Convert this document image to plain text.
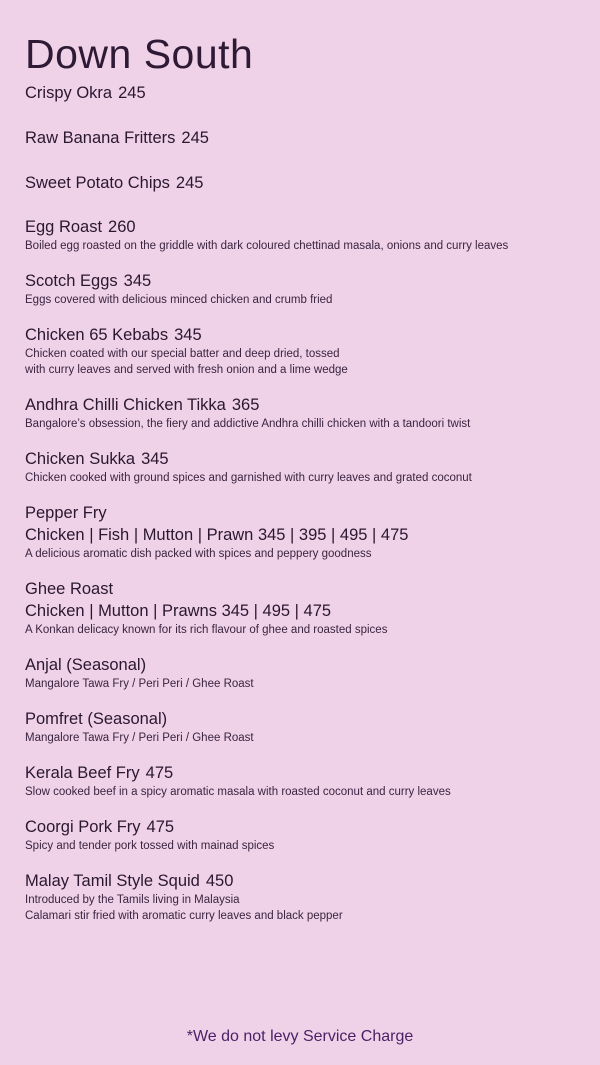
Down South
Crispy Okra 245
Raw Banana Fritters 245
Sweet Potato Chips 245
Egg Roast 260
Boiled egg roasted on the griddle with dark coloured chettinad masala, onions and curry leaves
Scotch Eggs 345
Eggs covered with delicious minced chicken and crumb fried
Chicken 65 Kebabs 345
Chicken coated with our special batter and deep dried, tossed
with curry leaves and served with fresh onion and a lime wedge
Andhra Chilli Chicken Tikka 365
Bangalore’s obsession, the fiery and addictive Andhra chilli chicken with a tandoori twist
Chicken Sukka 345
Chicken cooked with ground spices and garnished with curry leaves and grated coconut
Pepper Fry
Chicken | Fish | Mutton | Prawn 345 | 395 | 495 | 475
A delicious aromatic dish packed with spices and peppery goodness
Ghee Roast
Chicken | Mutton | Prawns 345 | 495 | 475
A Konkan delicacy known for its rich flavour of ghee and roasted spices
Anjal (Seasonal)
Mangalore Tawa Fry / Peri Peri / Ghee Roast
Pomfret (Seasonal)
Mangalore Tawa Fry / Peri Peri / Ghee Roast
Kerala Beef Fry 475
Slow cooked beef in a spicy aromatic masala with roasted coconut and curry leaves
Coorgi Pork Fry 475
Spicy and tender pork tossed with mainad spices
Malay Tamil Style Squid 450
Introduced by the Tamils living in Malaysia
Calamari stir fried with aromatic curry leaves and black pepper
*We do not levy Service Charge
